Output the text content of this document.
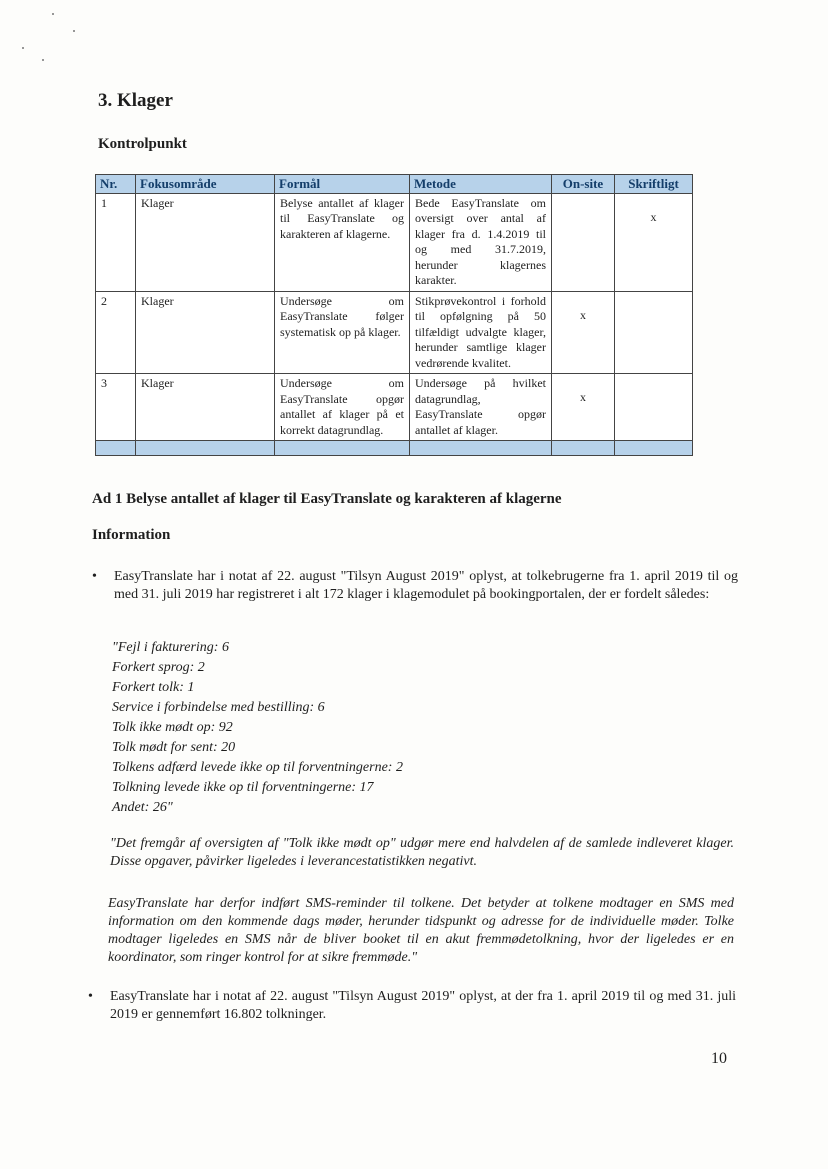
3. Klager
Kontrolpunkt
Nr.	Fokusområde	Formål	Metode	On-site	Skriftligt
1	Klager	Belyse antallet af klager til EasyTranslate og karakteren af klagerne.	Bede EasyTranslate om oversigt over antal af klager fra d. 1.4.2019 til og med 31.7.2019, herunder klagernes karakter.		x
2	Klager	Undersøge om EasyTranslate følger systematisk op på klager.	Stikprøvekontrol i forhold til opfølgning på 50 tilfældigt udvalgte klager, herunder samtlige klager vedrørende kvalitet.	x	
3	Klager	Undersøge om EasyTranslate opgør antallet af klager på et korrekt datagrundlag.	Undersøge på hvilket datagrundlag, EasyTranslate opgør antallet af klager.	x	

Ad 1 Belyse antallet af klager til EasyTranslate og karakteren af klagerne
Information
• EasyTranslate har i notat af 22. august "Tilsyn August 2019" oplyst, at tolkebrugerne fra 1. april 2019 til og med 31. juli 2019 har registreret i alt 172 klager i klagemodulet på bookingportalen, der er fordelt således:
"Fejl i fakturering: 6
Forkert sprog: 2
Forkert tolk: 1
Service i forbindelse med bestilling: 6
Tolk ikke mødt op: 92
Tolk mødt for sent: 20
Tolkens adfærd levede ikke op til forventningerne: 2
Tolkning levede ikke op til forventningerne: 17
Andet: 26"
"Det fremgår af oversigten af "Tolk ikke mødt op" udgør mere end halvdelen af de samlede indleveret klager. Disse opgaver, påvirker ligeledes i leverancestatistikken negativt.
EasyTranslate har derfor indført SMS-reminder til tolkene. Det betyder at tolkene modtager en SMS med information om den kommende dags møder, herunder tidspunkt og adresse for de individuelle møder. Tolke modtager ligeledes en SMS når de bliver booket til en akut fremmødetolkning, hvor der ligeledes er en koordinator, som ringer kontrol for at sikre fremmøde."
• EasyTranslate har i notat af 22. august "Tilsyn August 2019" oplyst, at der fra 1. april 2019 til og med 31. juli 2019 er gennemført 16.802 tolkninger.
10
